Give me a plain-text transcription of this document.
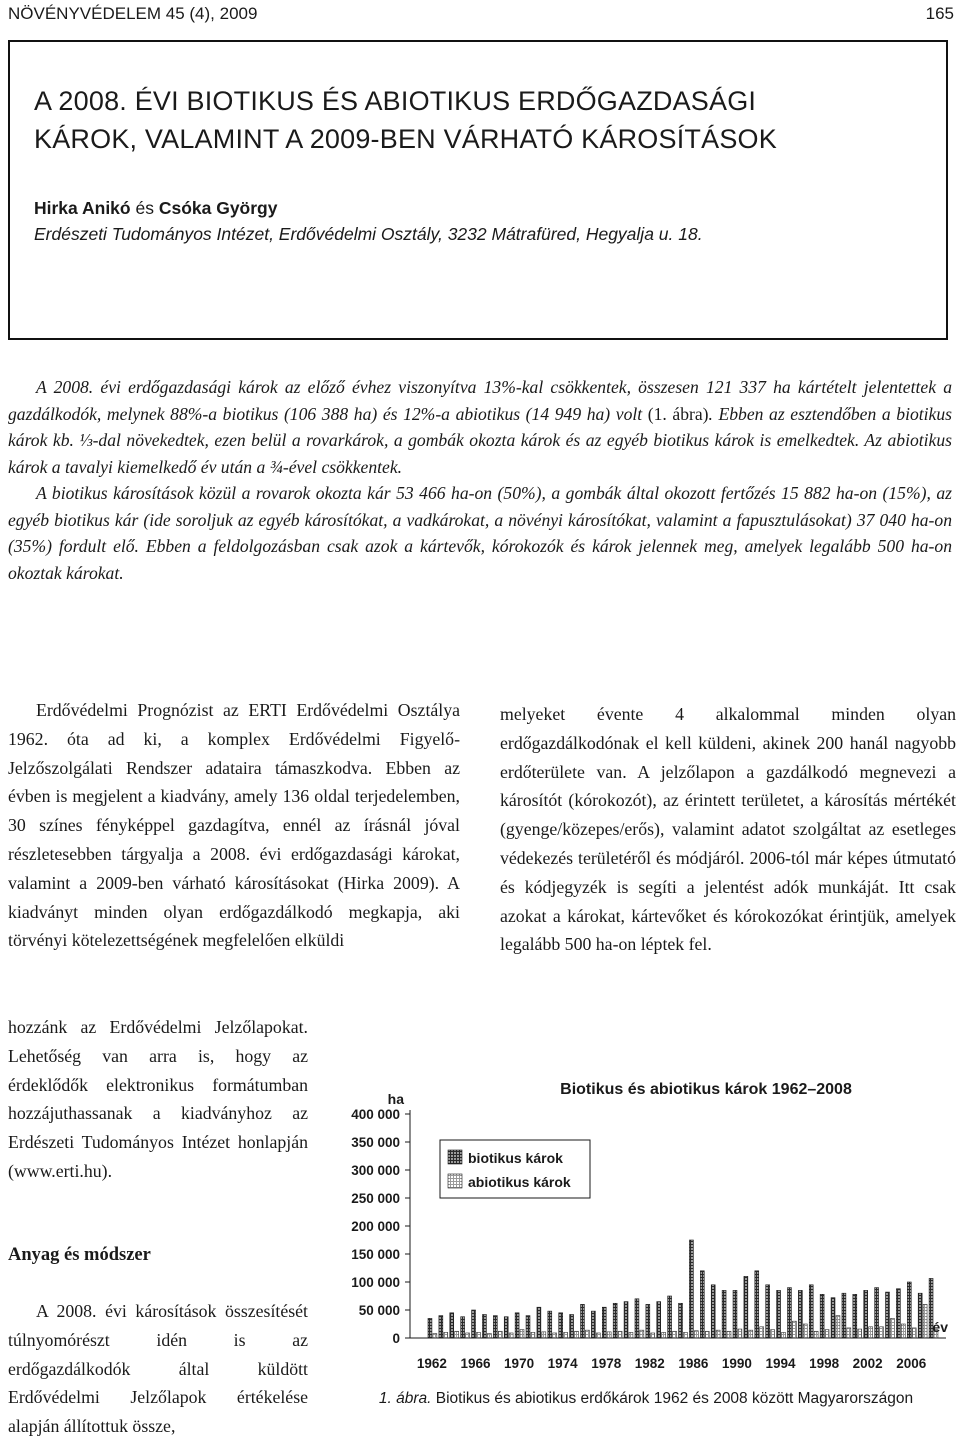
NÖVÉNYVÉDELEM 45 (4), 2009	165
A 2008. ÉVI BIOTIKUS ÉS ABIOTIKUS ERDŐGAZDASÁGI
KÁROK, VALAMINT A 2009-BEN VÁRHATÓ KÁROSÍTÁSOK
Hirka Anikó és Csóka György
Erdészeti Tudományos Intézet, Erdővédelmi Osztály, 3232 Mátrafüred, Hegyalja u. 18.

A 2008. évi erdőgazdasági károk az előző évhez viszonyítva 13%-kal csökkentek, összesen 121 337 ha kártételt jelentettek a gazdálkodók, melynek 88%-a biotikus (106 388 ha) és 12%-a abiotikus (14 949 ha) volt (1. ábra). Ebben az esztendőben a biotikus károk kb. ⅓-dal növekedtek, ezen belül a rovarkárok, a gombák okozta károk és az egyéb biotikus károk is emelkedtek. Az abiotikus károk a tavalyi kiemelkedő év után a ¾-ével csökkentek.

A biotikus károsítások közül a rovarok okozta kár 53 466 ha-on (50%), a gombák által okozott fertőzés 15 882 ha-on (15%), az egyéb biotikus kár (ide soroljuk az egyéb károsítókat, a vadkárokat, a növényi károsítókat, valamint a fapusztulásokat) 37 040 ha-on (35%) fordult elő. Ebben a feldolgozásban csak azok a kártevők, kórokozók és károk jelennek meg, amelyek legalább 500 ha-on okoztak károkat.

Erdővédelmi Prognózist az ERTI Erdővédelmi Osztálya 1962. óta ad ki, a komplex Erdővédelmi Figyelő-Jelzőszolgálati Rendszer adataira támaszkodva. Ebben az évben is megjelent a kiadvány, amely 136 oldal terjedelemben, 30 színes fényképpel gazdagítva, ennél az írásnál jóval részletesebben tárgyalja a 2008. évi erdőgazdasági károkat, valamint a 2009-ben várható károsításokat (Hirka 2009). A kiadványt minden olyan erdőgazdálkodó megkapja, aki törvényi kötelezettségének megfelelően elküldi

hozzánk az Erdővédelmi Jelzőlapokat. Lehetőség van arra is, hogy az érdeklődők elektronikus formátumban hozzájuthassanak a kiadványhoz az Erdészeti Tudományos Intézet honlapján (www.erti.hu).

Anyag és módszer

A 2008. évi károsítások összesítését túlnyomórészt idén is az erdőgazdálkodók által küldött Erdővédelmi Jelzőlapok értékelése alapján állítottuk össze,

melyeket évente 4 alkalommal minden olyan erdőgazdálkodónak el kell küldeni, akinek 200 hanál nagyobb erdőterülete van. A jelzőlapon a gazdálkodó megnevezi a károsítót (kórokozót), az érintett területet, a károsítás mértékét (gyenge/közepes/erős), valamint adatot szolgáltat az esetleges védekezés területéről és módjáról. 2006-tól már képes útmutató és kódjegyzék is segíti a jelentést adók munkáját. Itt csak azokat a károkat, kártevőket és kórokozókat érintjük, amelyek legalább 500 ha-on léptek fel.

Biotikus és abiotikus károk 1962–2008
ha
0
50 000
100 000
150 000
200 000
250 000
300 000
350 000
400 000
1962 1966 1970 1974 1978 1982 1986 1990 1994 1998 2002 2006
év
biotikus károk
abiotikus károk
1. ábra. Biotikus és abiotikus erdőkárok 1962 és 2008 között Magyarországon
